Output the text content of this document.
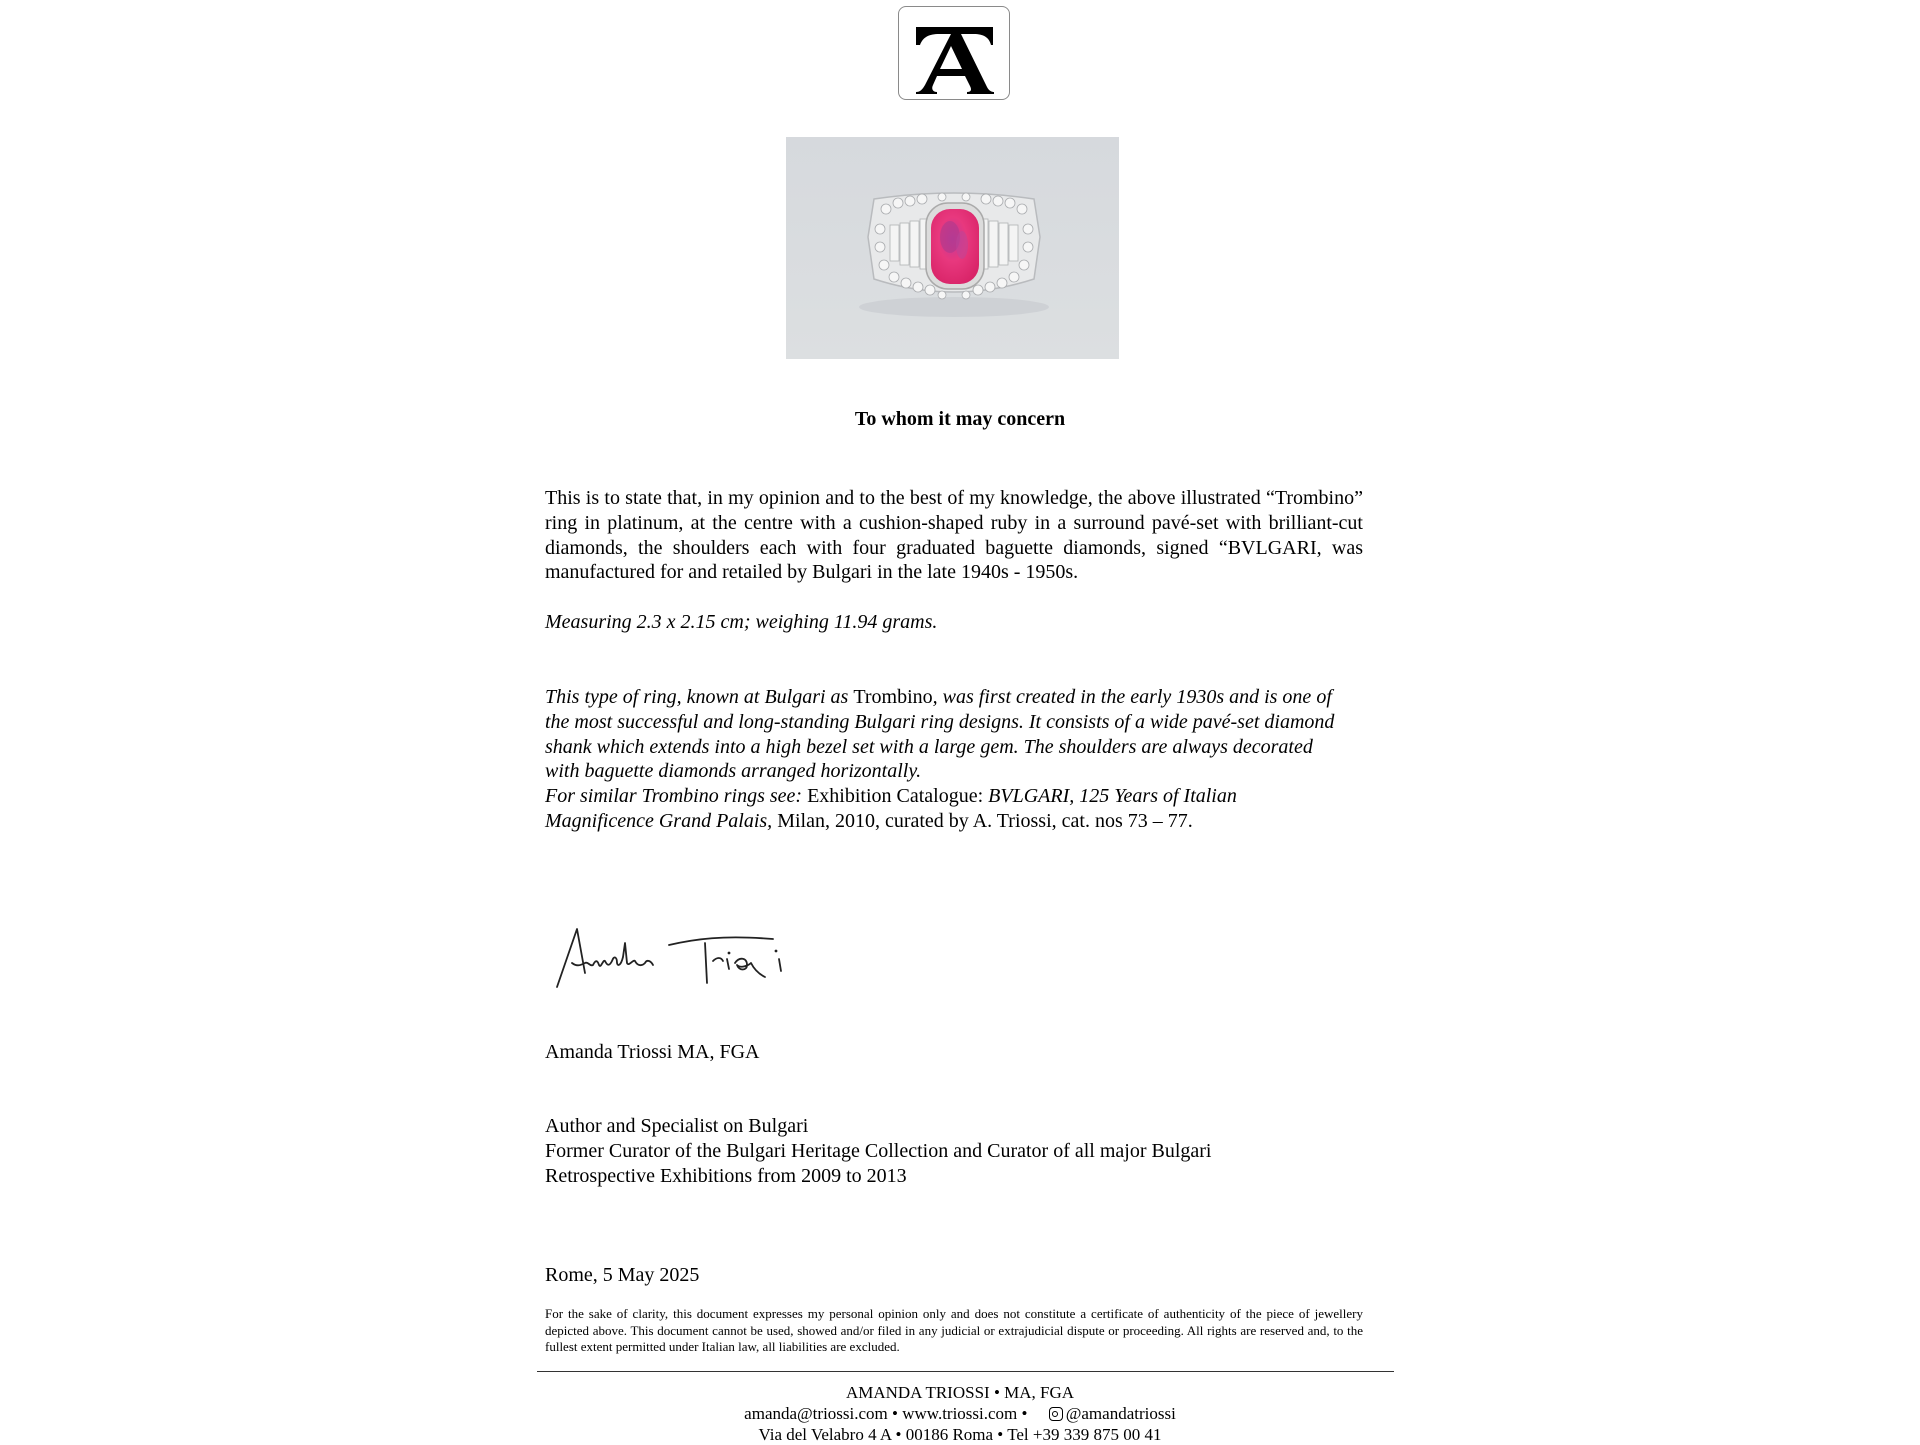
To whom it may concern
This is to state that, in my opinion and to the best of my knowledge, the above illustrated “Trombino” ring in platinum, at the centre with a cushion-shaped ruby in a surround pavé-set with brilliant-cut diamonds, the shoulders each with four graduated baguette diamonds, signed “BVLGARI, was manufactured for and retailed by Bulgari in the late 1940s - 1950s.
Measuring 2.3 x 2.15 cm; weighing 11.94 grams.
This type of ring, known at Bulgari as Trombino, was first created in the early 1930s and is one of the most successful and long-standing Bulgari ring designs. It consists of a wide pavé-set diamond shank which extends into a high bezel set with a large gem. The shoulders are always decorated with baguette diamonds arranged horizontally.
For similar Trombino rings see: Exhibition Catalogue: BVLGARI, 125 Years of Italian Magnificence Grand Palais, Milan, 2010, curated by A. Triossi, cat. nos 73 – 77.
Amanda Triossi MA, FGA
Author and Specialist on Bulgari
Former Curator of the Bulgari Heritage Collection and Curator of all major Bulgari
Retrospective Exhibitions from 2009 to 2013
Rome, 5 May 2025
For the sake of clarity, this document expresses my personal opinion only and does not constitute a certificate of authenticity of the piece of jewellery depicted above. This document cannot be used, showed and/or filed in any judicial or extrajudicial dispute or proceeding. All rights are reserved and, to the fullest extent permitted under Italian law, all liabilities are excluded.
AMANDA TRIOSSI • MA, FGA
amanda@triossi.com • www.triossi.com • @amandatriossi
Via del Velabro 4 A • 00186 Roma • Tel +39 339 875 00 41
